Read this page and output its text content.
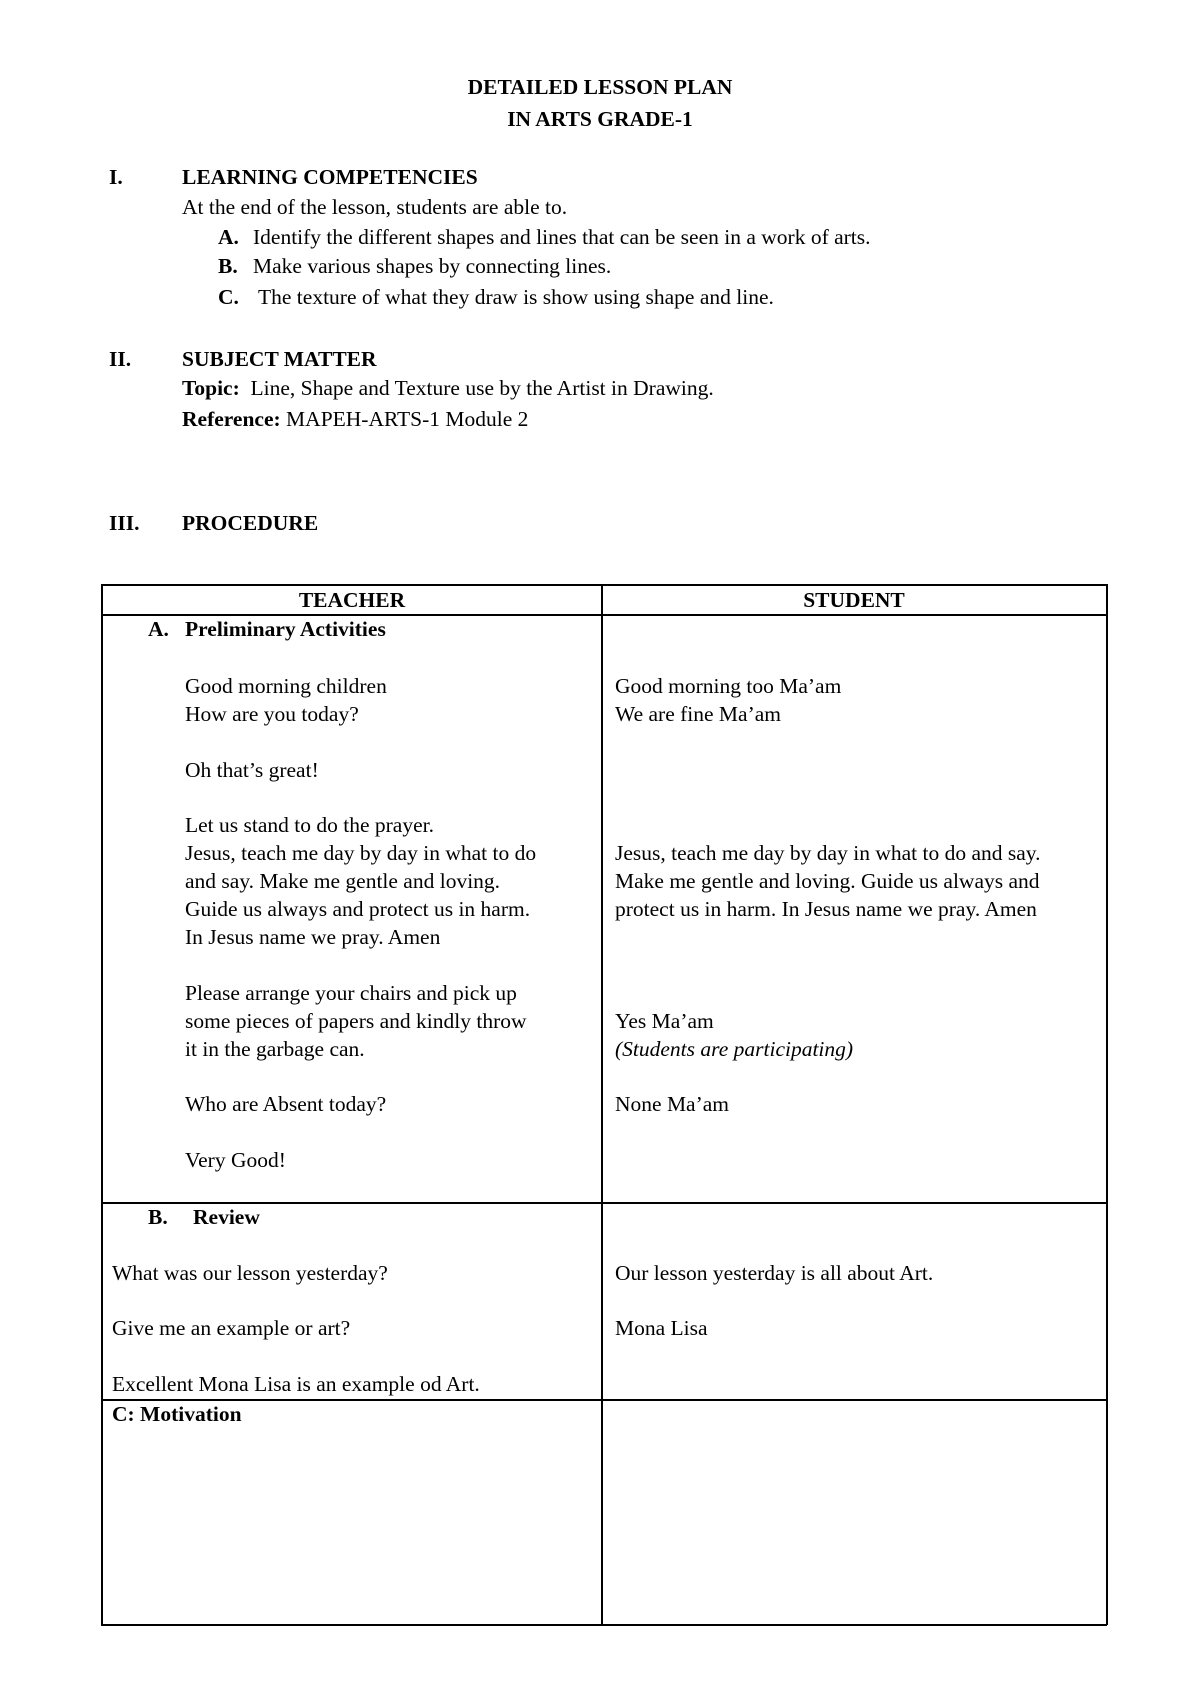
DETAILED LESSON PLAN
IN ARTS GRADE-1
I.	LEARNING COMPETENCIES
At the end of the lesson, students are able to.
A. Identify the different shapes and lines that can be seen in a work of arts.
B. Make various shapes by connecting lines.
C. The texture of what they draw is show using shape and line.
II. SUBJECT MATTER
Topic: Line, Shape and Texture use by the Artist in Drawing.
Reference: MAPEH-ARTS-1 Module 2
III. PROCEDURE
TEACHER	STUDENT
A. Preliminary Activities
Good morning children
How are you today?
Oh that’s great!
Let us stand to do the prayer.
Jesus, teach me day by day in what to do
and say. Make me gentle and loving.
Guide us always and protect us in harm.
In Jesus name we pray. Amen
Please arrange your chairs and pick up
some pieces of papers and kindly throw
it in the garbage can.
Who are Absent today?
Very Good!
Good morning too Ma’am
We are fine Ma’am
Jesus, teach me day by day in what to do and say.
Make me gentle and loving. Guide us always and
protect us in harm. In Jesus name we pray. Amen
Yes Ma’am
(Students are participating)
None Ma’am
B. Review
What was our lesson yesterday?
Give me an example or art?
Excellent Mona Lisa is an example od Art.
Our lesson yesterday is all about Art.
Mona Lisa
C: Motivation
